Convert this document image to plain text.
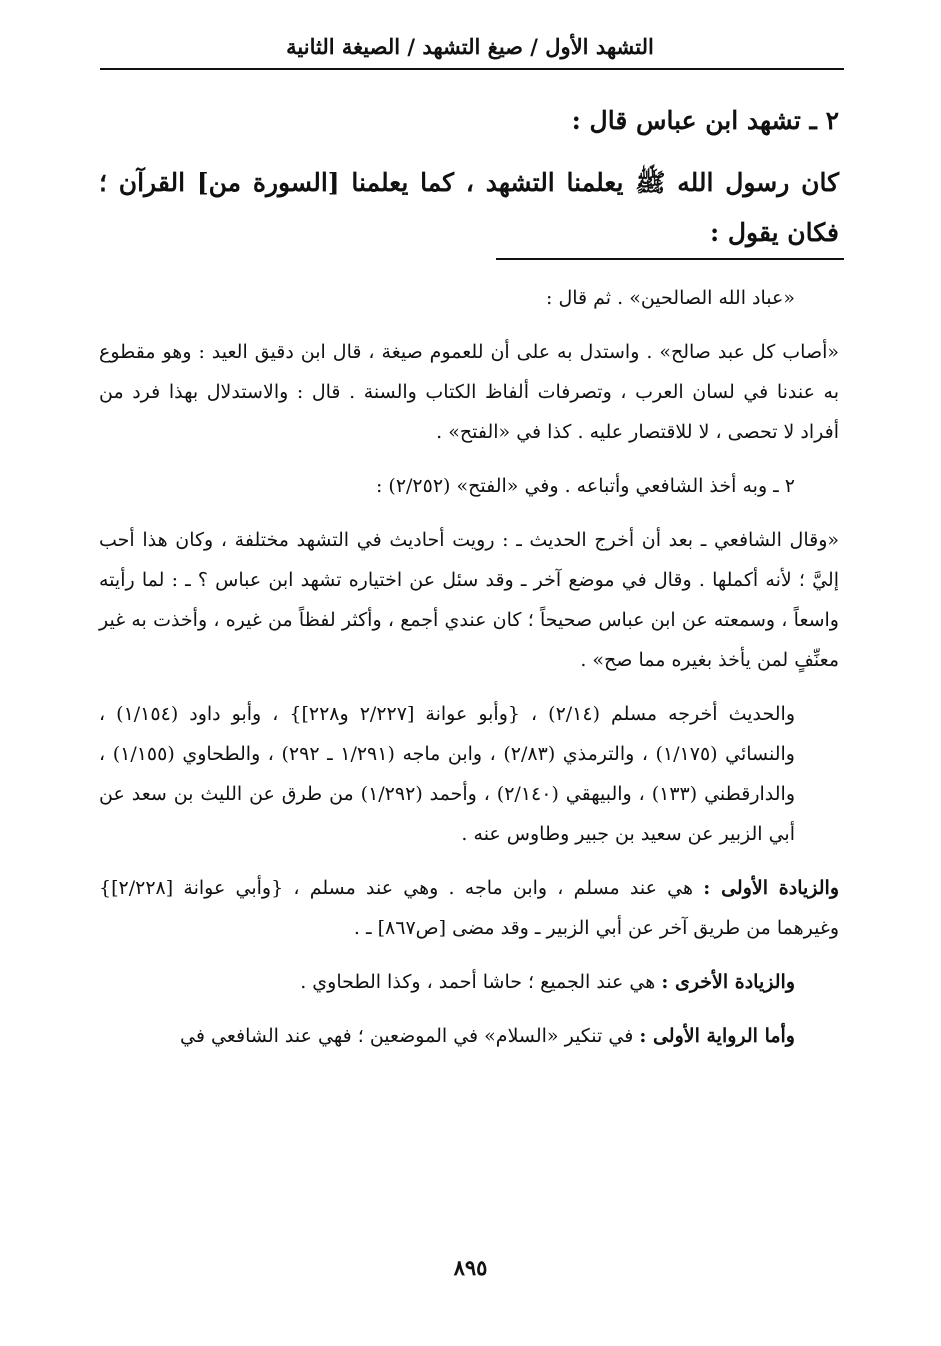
التشهد الأول / صيغ التشهد / الصيغة الثانية

٢ ـ تشهد ابن عباس قال :

كان رسول الله ﷺ يعلمنا التشهد ، كما يعلمنا [السورة من] القرآن ؛ فكان يقول :

«عباد الله الصالحين» . ثم قال :

«أصاب كل عبد صالح» . واستدل به على أن للعموم صيغة ، قال ابن دقيق العيد : وهو مقطوع به عندنا في لسان العرب ، وتصرفات ألفاظ الكتاب والسنة . قال : والاستدلال بهذا فرد من أفراد لا تحصى ، لا للاقتصار عليه . كذا في «الفتح» .

٢ ـ وبه أخذ الشافعي وأتباعه . وفي «الفتح» (٢/٢٥٢) :

«وقال الشافعي ـ بعد أن أخرج الحديث ـ : رويت أحاديث في التشهد مختلفة ، وكان هذا أحب إليَّ ؛ لأنه أكملها . وقال في موضع آخر ـ وقد سئل عن اختياره تشهد ابن عباس ؟ ـ : لما رأيته واسعاً ، وسمعته عن ابن عباس صحيحاً ؛ كان عندي أجمع ، وأكثر لفظاً من غيره ، وأخذت به غير معنِّفٍ لمن يأخذ بغيره مما صح» .

والحديث أخرجه مسلم (٢/١٤) ، {وأبو عوانة [٢/٢٢٧ و٢٢٨]} ، وأبو داود (١/١٥٤) ، والنسائي (١/١٧٥) ، والترمذي (٢/٨٣) ، وابن ماجه (١/٢٩١ ـ ٢٩٢) ، والطحاوي (١/١٥٥) ، والدارقطني (١٣٣) ، والبيهقي (٢/١٤٠) ، وأحمد (١/٢٩٢) من طرق عن الليث بن سعد عن أبي الزبير عن سعيد بن جبير وطاوس عنه .

والزيادة الأولى : هي عند مسلم ، وابن ماجه . وهي عند مسلم ، {وأبي عوانة [٢/٢٢٨]} وغيرهما من طريق آخر عن أبي الزبير ـ وقد مضى [ص٨٦٧] ـ .

والزيادة الأخرى : هي عند الجميع ؛ حاشا أحمد ، وكذا الطحاوي .

وأما الرواية الأولى : في تنكير «السلام» في الموضعين ؛ فهي عند الشافعي في

٨٩٥
